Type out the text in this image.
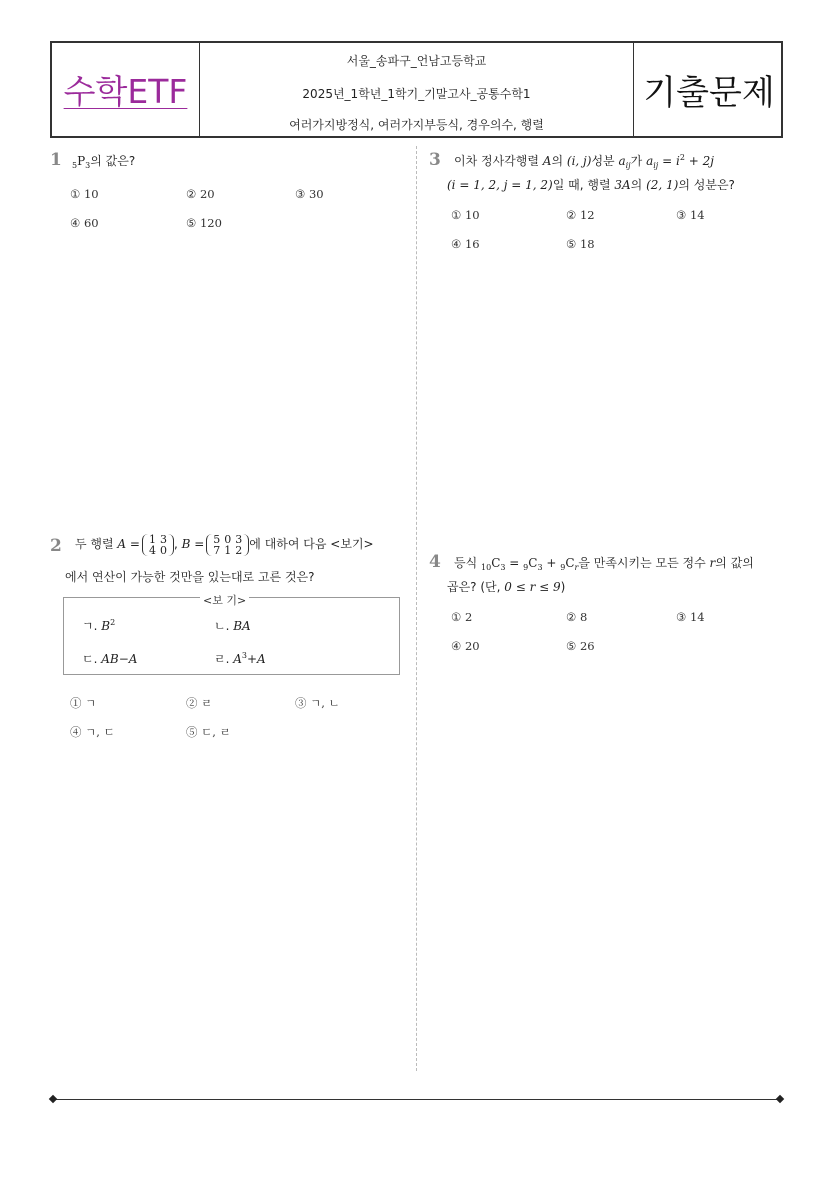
수학ETF
서울_송파구_언남고등학교
2025년_1학년_1학기_기말고사_공통수학1
여러가지방정식, 여러가지부등식, 경우의수, 행렬
기출문제
1 $_5P_3$의 값은?
① 10	② 20	③ 30
④ 60	⑤ 120
3 이차 정사각행렬 A의 (i, j)성분 $a_{ij}$가 $a_{ij} = i^2 + 2j$
(i = 1, 2, j = 1, 2)일 때, 행렬 3A의 (2, 1)의 성분은?
① 10	② 12	③ 14
④ 16	⑤ 18
2 두 행렬 A = 1 3
4 0 , B = 5 0 3
7 1 2 에 대하여 다음 <보기>
에서 연산이 가능한 것만을 있는대로 고른 것은?
<보 기>
ㄱ. $B^2$	ㄴ. BA
ㄷ. AB−A	ㄹ. $A^3+A$
① ㄱ	② ㄹ	③ ㄱ, ㄴ
④ ㄱ, ㄷ	⑤ ㄷ, ㄹ
4 등식 $_{10}C_3 = _9C_3 + _9C_r$을 만족시키는 모든 정수 r의 값의
곱은? (단, 0 ≤ r ≤ 9)
① 2	② 8	③ 14
④ 20	⑤ 26
